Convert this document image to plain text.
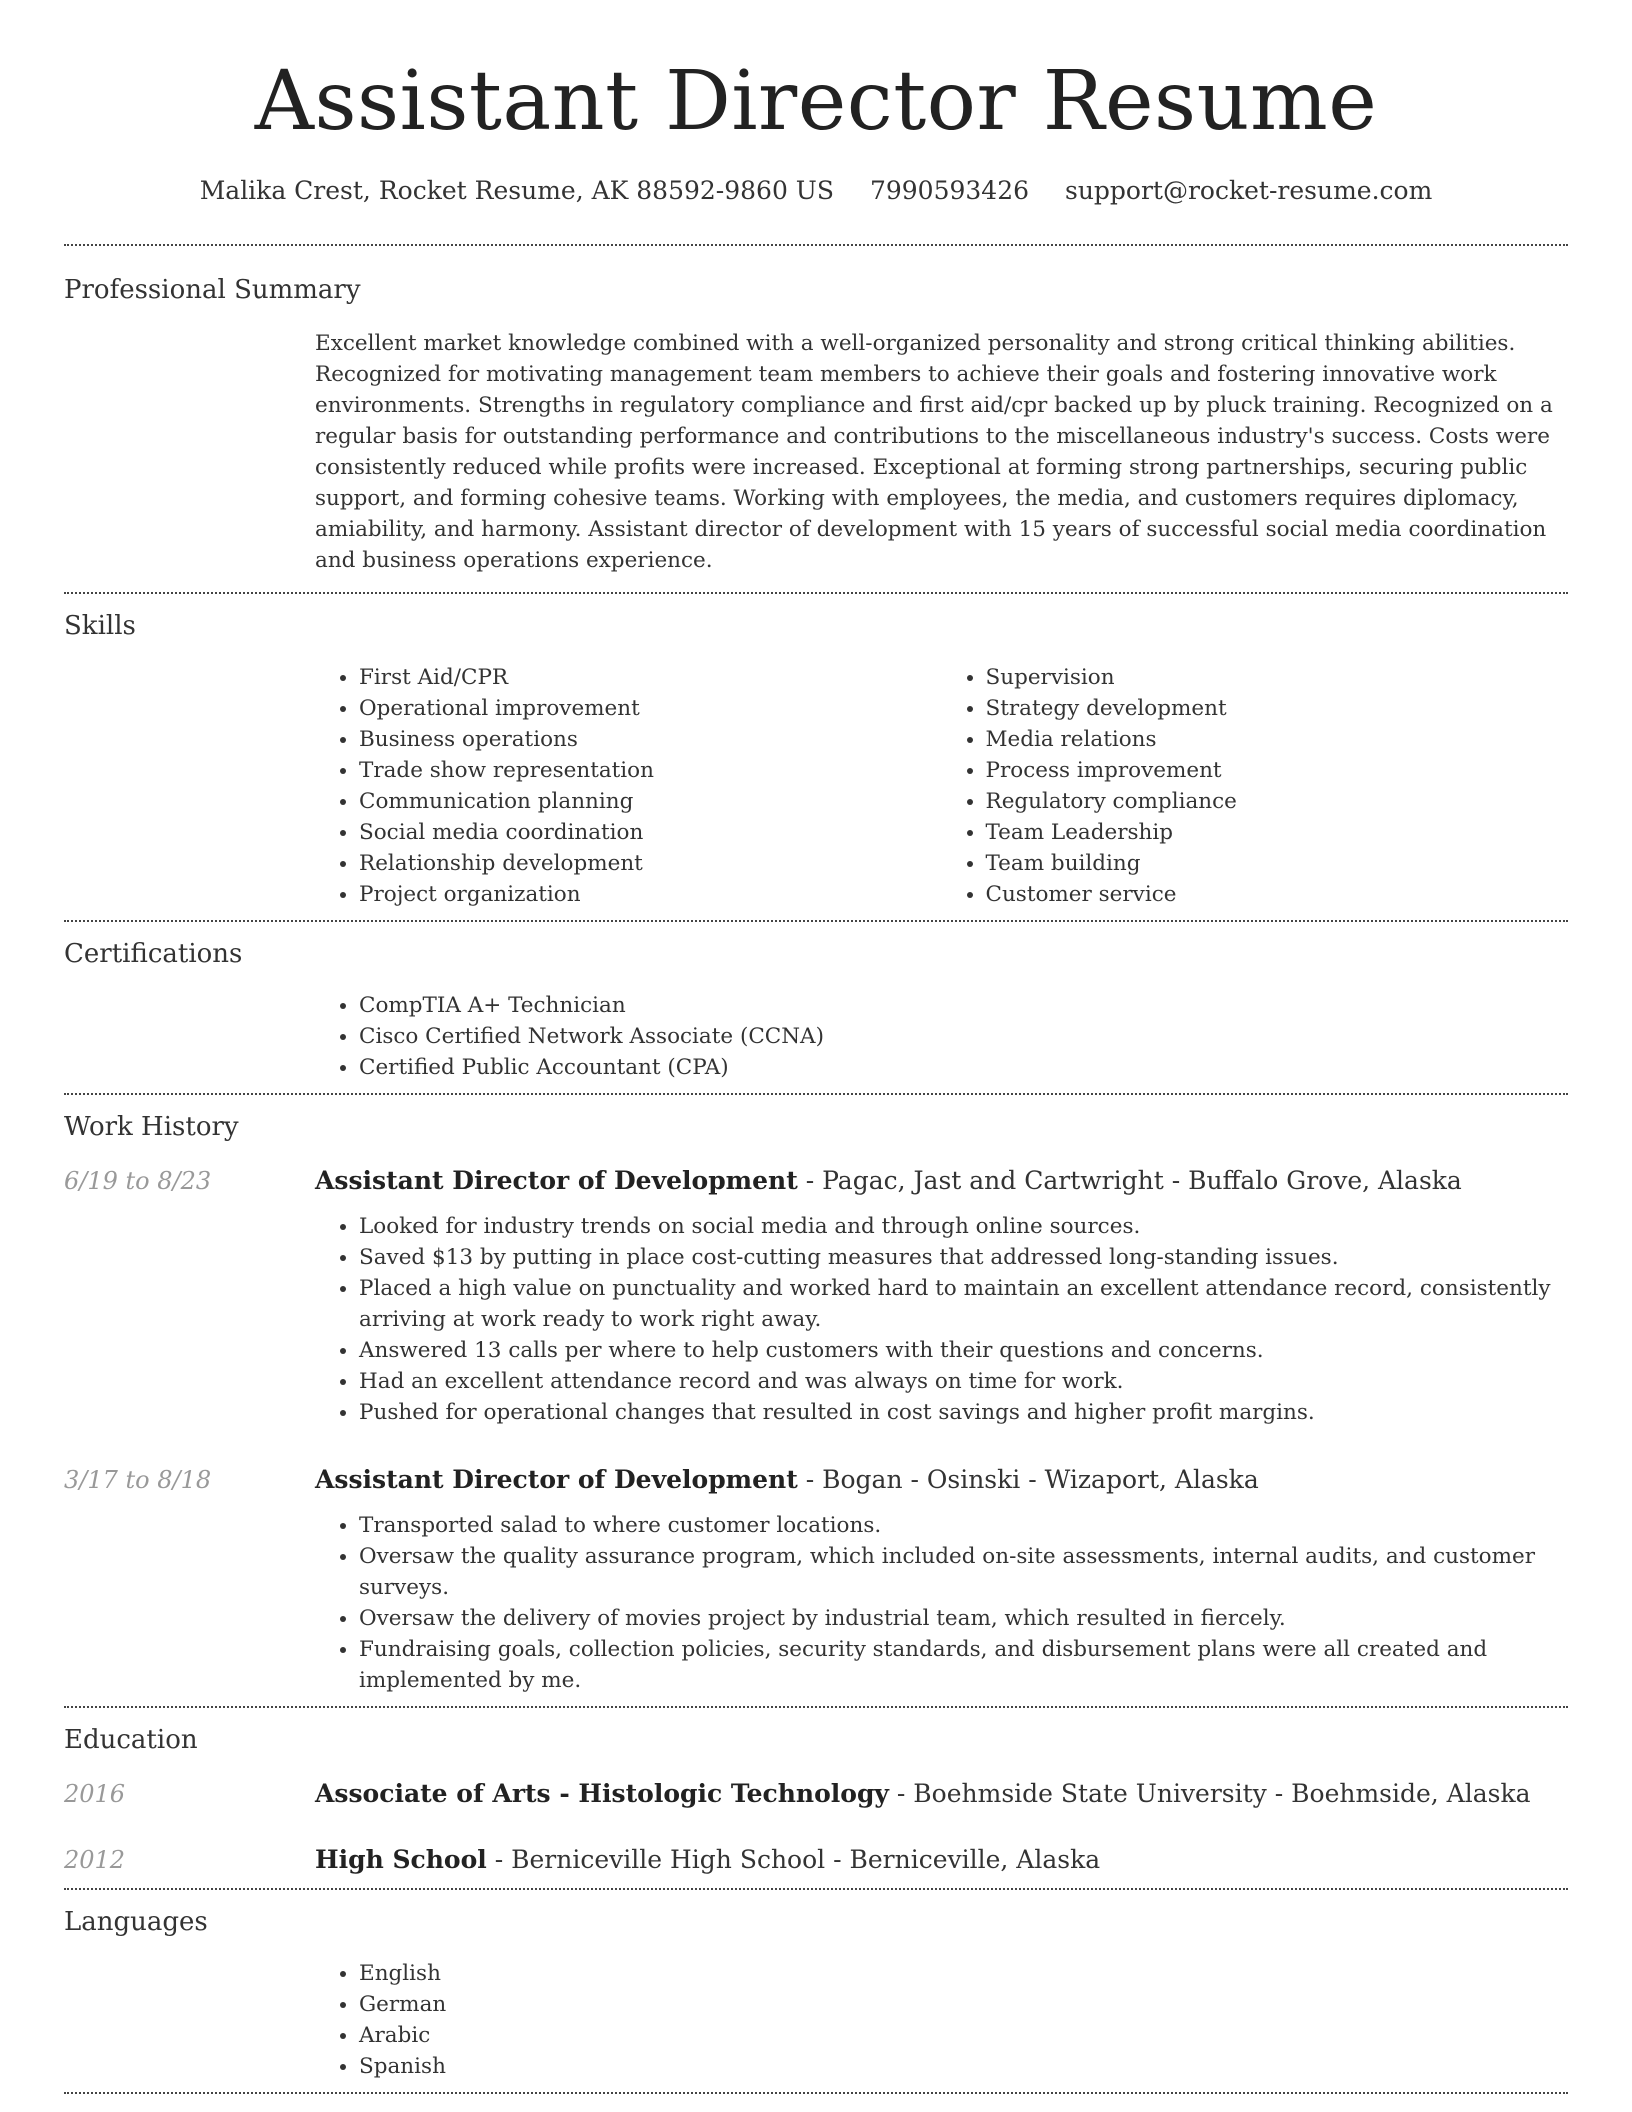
Assistant Director Resume
Malika Crest, Rocket Resume, AK 88592-9860 US 7990593426 support@rocket-resume.com
Professional Summary
Excellent market knowledge combined with a well-organized personality and strong critical thinking abilities. Recognized for motivating management team members to achieve their goals and fostering innovative work environments. Strengths in regulatory compliance and first aid/cpr backed up by pluck training. Recognized on a regular basis for outstanding performance and contributions to the miscellaneous industry's success. Costs were consistently reduced while profits were increased. Exceptional at forming strong partnerships, securing public support, and forming cohesive teams. Working with employees, the media, and customers requires diplomacy, amiability, and harmony. Assistant director of development with 15 years of successful social media coordination and business operations experience.
Skills
• First Aid/CPR
• Operational improvement
• Business operations
• Trade show representation
• Communication planning
• Social media coordination
• Relationship development
• Project organization
• Supervision
• Strategy development
• Media relations
• Process improvement
• Regulatory compliance
• Team Leadership
• Team building
• Customer service
Certifications
• CompTIA A+ Technician
• Cisco Certified Network Associate (CCNA)
• Certified Public Accountant (CPA)
Work History
6/19 to 8/23	Assistant Director of Development - Pagac, Jast and Cartwright - Buffalo Grove, Alaska
• Looked for industry trends on social media and through online sources.
• Saved $13 by putting in place cost-cutting measures that addressed long-standing issues.
• Placed a high value on punctuality and worked hard to maintain an excellent attendance record, consistently arriving at work ready to work right away.
• Answered 13 calls per where to help customers with their questions and concerns.
• Had an excellent attendance record and was always on time for work.
• Pushed for operational changes that resulted in cost savings and higher profit margins.
3/17 to 8/18	Assistant Director of Development - Bogan - Osinski - Wizaport, Alaska
• Transported salad to where customer locations.
• Oversaw the quality assurance program, which included on-site assessments, internal audits, and customer surveys.
• Oversaw the delivery of movies project by industrial team, which resulted in fiercely.
• Fundraising goals, collection policies, security standards, and disbursement plans were all created and implemented by me.
Education
2016	Associate of Arts - Histologic Technology - Boehmside State University - Boehmside, Alaska
2012	High School - Berniceville High School - Berniceville, Alaska
Languages
• English
• German
• Arabic
• Spanish
